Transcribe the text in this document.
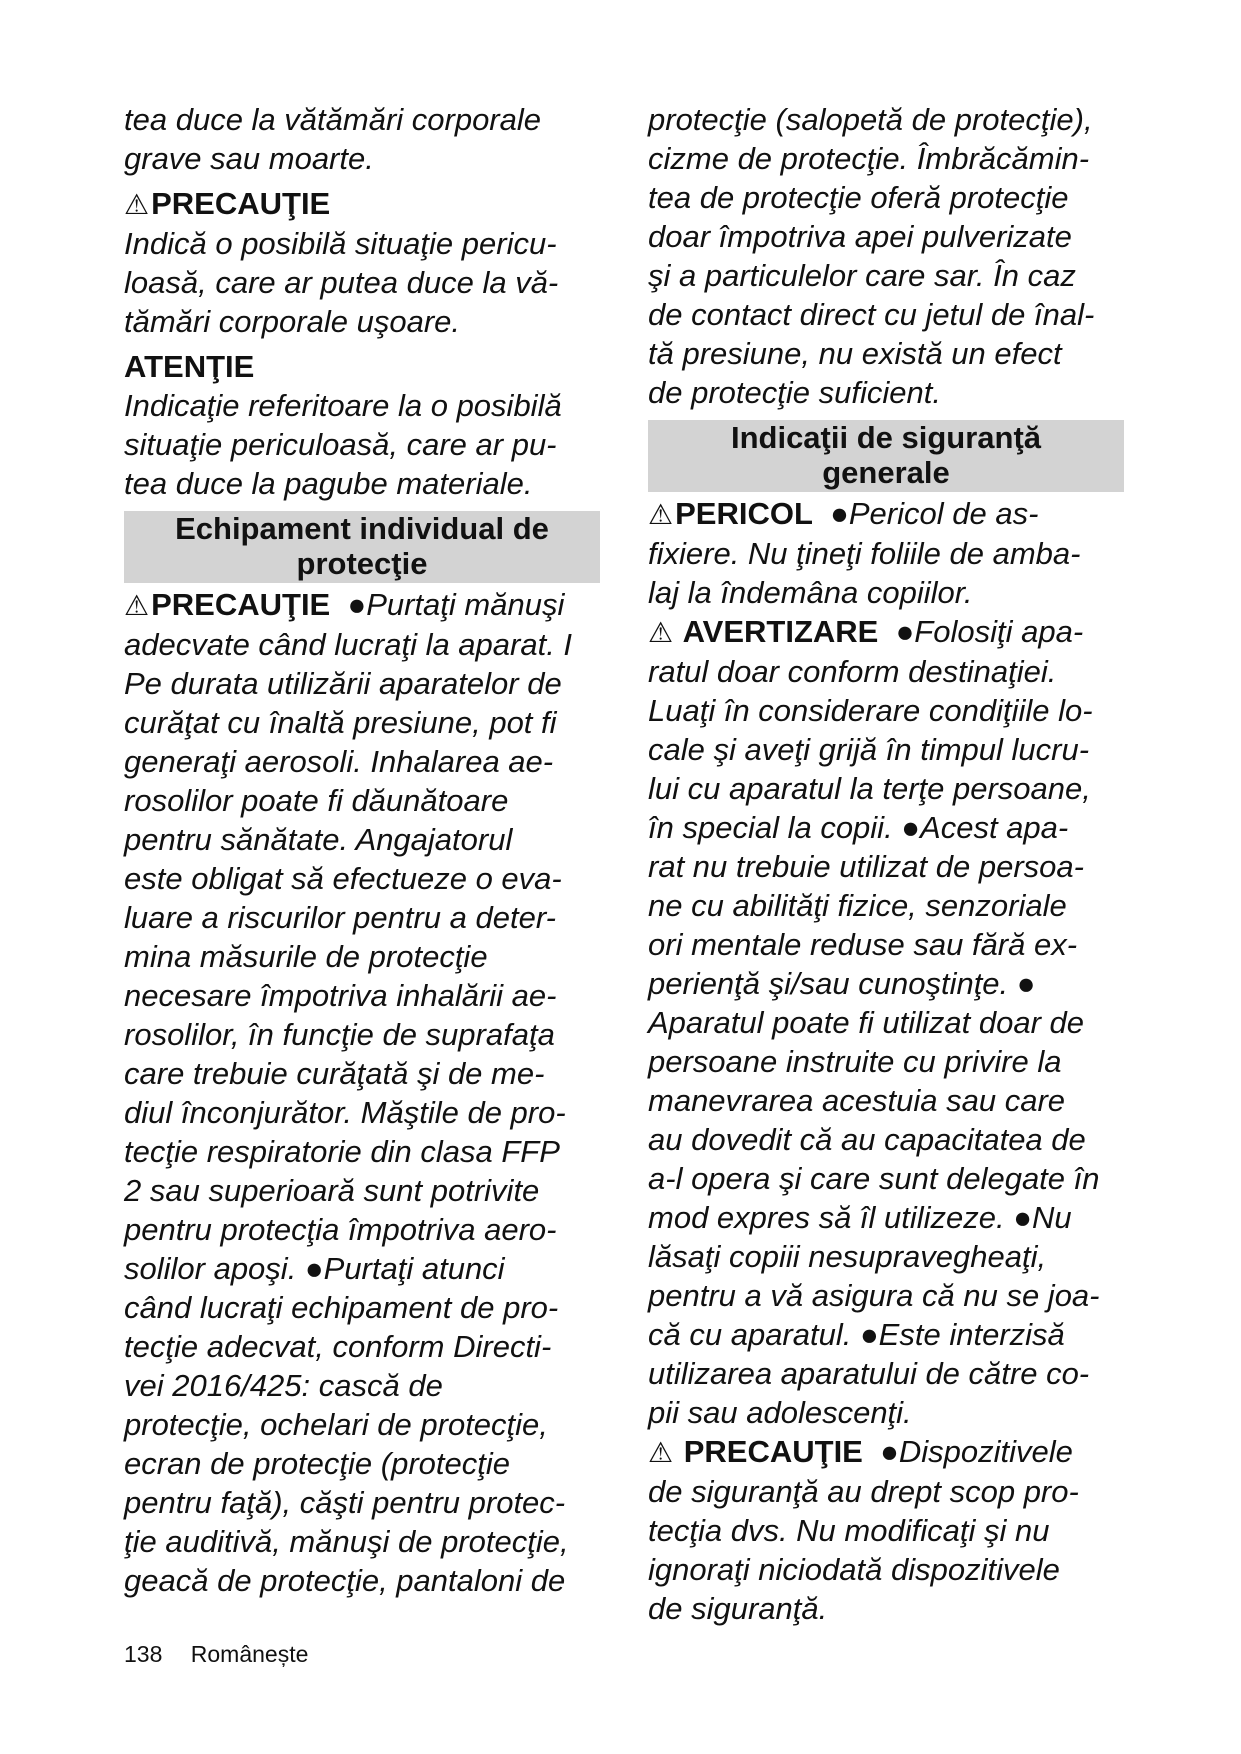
tea duce la vătămări corporale
grave sau moarte.
⚠PRECAUŢIE
Indică o posibilă situaţie pericu-
loasă, care ar putea duce la vă-
tămări corporale uşoare.
ATENŢIE
Indicaţie referitoare la o posibilă
situaţie periculoasă, care ar pu-
tea duce la pagube materiale.
Echipament individual de
protecţie
⚠PRECAUŢIE ●Purtaţi mănuşi
adecvate când lucraţi la aparat. I
Pe durata utilizării aparatelor de
curăţat cu înaltă presiune, pot fi
generaţi aerosoli. Inhalarea ae-
rosolilor poate fi dăunătoare
pentru sănătate. Angajatorul
este obligat să efectueze o eva-
luare a riscurilor pentru a deter-
mina măsurile de protecţie
necesare împotriva inhalării ae-
rosolilor, în funcţie de suprafaţa
care trebuie curăţată şi de me-
diul înconjurător. Măştile de pro-
tecţie respiratorie din clasa FFP
2 sau superioară sunt potrivite
pentru protecţia împotriva aero-
solilor apoşi. ●Purtaţi atunci
când lucraţi echipament de pro-
tecţie adecvat, conform Directi-
vei 2016/425: cască de
protecţie, ochelari de protecţie,
ecran de protecţie (protecţie
pentru faţă), căşti pentru protec-
ţie auditivă, mănuşi de protecţie,
geacă de protecţie, pantaloni de
protecţie (salopetă de protecţie),
cizme de protecţie. Îmbrăcămin-
tea de protecţie oferă protecţie
doar împotriva apei pulverizate
şi a particulelor care sar. În caz
de contact direct cu jetul de înal-
tă presiune, nu există un efect
de protecţie suficient.
Indicaţii de siguranţă
generale
⚠PERICOL ●Pericol de as-
fixiere. Nu ţineţi foliile de amba-
laj la îndemâna copiilor.
⚠ AVERTIZARE ●Folosiţi apa-
ratul doar conform destinaţiei.
Luaţi în considerare condiţiile lo-
cale şi aveţi grijă în timpul lucru-
lui cu aparatul la terţe persoane,
în special la copii. ●Acest apa-
rat nu trebuie utilizat de persoa-
ne cu abilităţi fizice, senzoriale
ori mentale reduse sau fără ex-
perienţă şi/sau cunoştinţe. ●
Aparatul poate fi utilizat doar de
persoane instruite cu privire la
manevrarea acestuia sau care
au dovedit că au capacitatea de
a-l opera şi care sunt delegate în
mod expres să îl utilizeze. ●Nu
lăsaţi copiii nesupravegheaţi,
pentru a vă asigura că nu se joa-
că cu aparatul. ●Este interzisă
utilizarea aparatului de către co-
pii sau adolescenţi.
⚠ PRECAUŢIE ●Dispozitivele
de siguranţă au drept scop pro-
tecţia dvs. Nu modificaţi şi nu
ignoraţi niciodată dispozitivele
de siguranţă.
138 Românește
